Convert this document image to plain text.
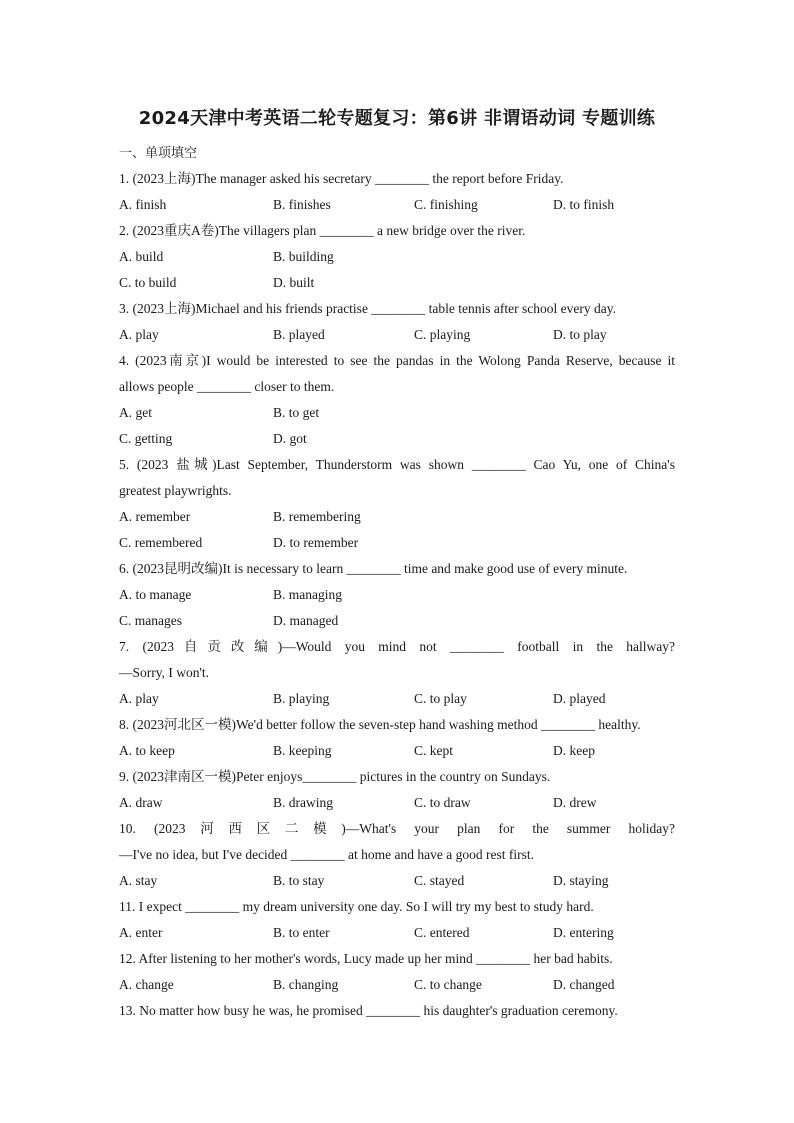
2024天津中考英语二轮专题复习：第6讲 非谓语动词 专题训练
一、单项填空
1. (2023上海)The manager asked his secretary ________ the report before Friday.
A. finish	B. finishes	C. finishing	D. to finish
2. (2023重庆A卷)The villagers plan ________ a new bridge over the river.
A. build	B. building
C. to build	D. built
3. (2023上海)Michael and his friends practise ________ table tennis after school every day.
A. play	B. played	C. playing	D. to play
4. (2023南京)I would be interested to see the pandas in the Wolong Panda Reserve, because it
allows people ________ closer to them.
A. get	B. to get
C. getting	D. got
5. (2023 盐城)Last September, Thunderstorm was shown ________ Cao Yu, one of China's
greatest playwrights.
A. remember	B. remembering
C. remembered	D. to remember
6. (2023昆明改编)It is necessary to learn ________ time and make good use of every minute.
A. to manage	B. managing
C. manages	D. managed
7. (2023自贡改编)—Would you mind not ________ football in the hallway?
—Sorry, I won't.
A. play	B. playing	C. to play	D. played
8. (2023河北区一模)We'd better follow the seven-step hand washing method ________ healthy.
A. to keep	B. keeping	C. kept	D. keep
9. (2023津南区一模)Peter enjoys________ pictures in the country on Sundays.
A. draw	B. drawing	C. to draw	D. drew
10. (2023河西区二模)—What's your plan for the summer holiday?
—I've no idea, but I've decided ________ at home and have a good rest first.
A. stay	B. to stay	C. stayed	D. staying
11. I expect ________ my dream university one day. So I will try my best to study hard.
A. enter	B. to enter	C. entered	D. entering
12. After listening to her mother's words, Lucy made up her mind ________ her bad habits.
A. change	B. changing	C. to change	D. changed
13. No matter how busy he was, he promised ________ his daughter's graduation ceremony.
